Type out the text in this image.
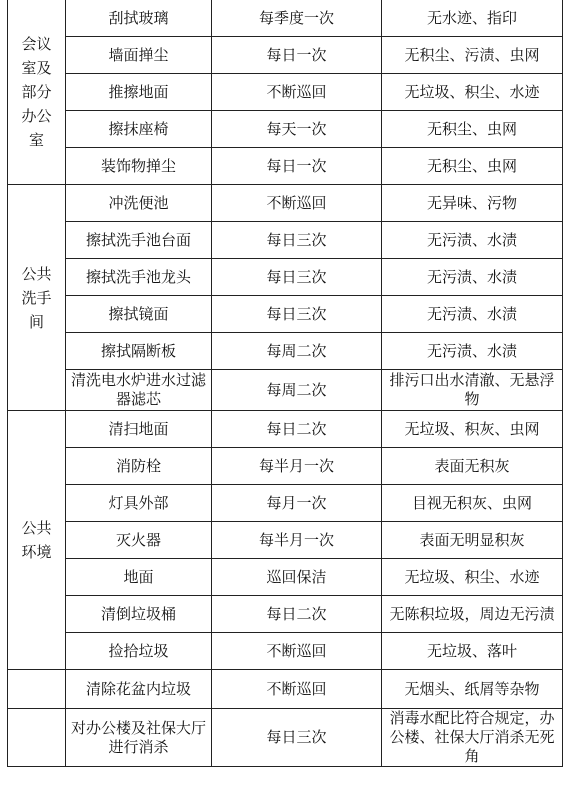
会议室及部分办公室	刮拭玻璃	每季度一次	无水迹、指印
	墙面掸尘	每日一次	无积尘、污渍、虫网
	推擦地面	不断巡回	无垃圾、积尘、水迹
	擦抹座椅	每天一次	无积尘、虫网
	装饰物掸尘	每日一次	无积尘、虫网
公共洗手间	冲洗便池	不断巡回	无异味、污物
	擦拭洗手池台面	每日三次	无污渍、水渍
	擦拭洗手池龙头	每日三次	无污渍、水渍
	擦拭镜面	每日三次	无污渍、水渍
	擦拭隔断板	每周二次	无污渍、水渍
	清洗电水炉进水过滤器滤芯	每周二次	排污口出水清澈、无悬浮物
公共环境	清扫地面	每日二次	无垃圾、积灰、虫网
	消防栓	每半月一次	表面无积灰
	灯具外部	每月一次	目视无积灰、虫网
	灭火器	每半月一次	表面无明显积灰
	地面	巡回保洁	无垃圾、积尘、水迹
	清倒垃圾桶	每日二次	无陈积垃圾，周边无污渍
	捡拾垃圾	不断巡回	无垃圾、落叶
	清除花盆内垃圾	不断巡回	无烟头、纸屑等杂物
	对办公楼及社保大厅进行消杀	每日三次	消毒水配比符合规定，办公楼、社保大厅消杀无死角
